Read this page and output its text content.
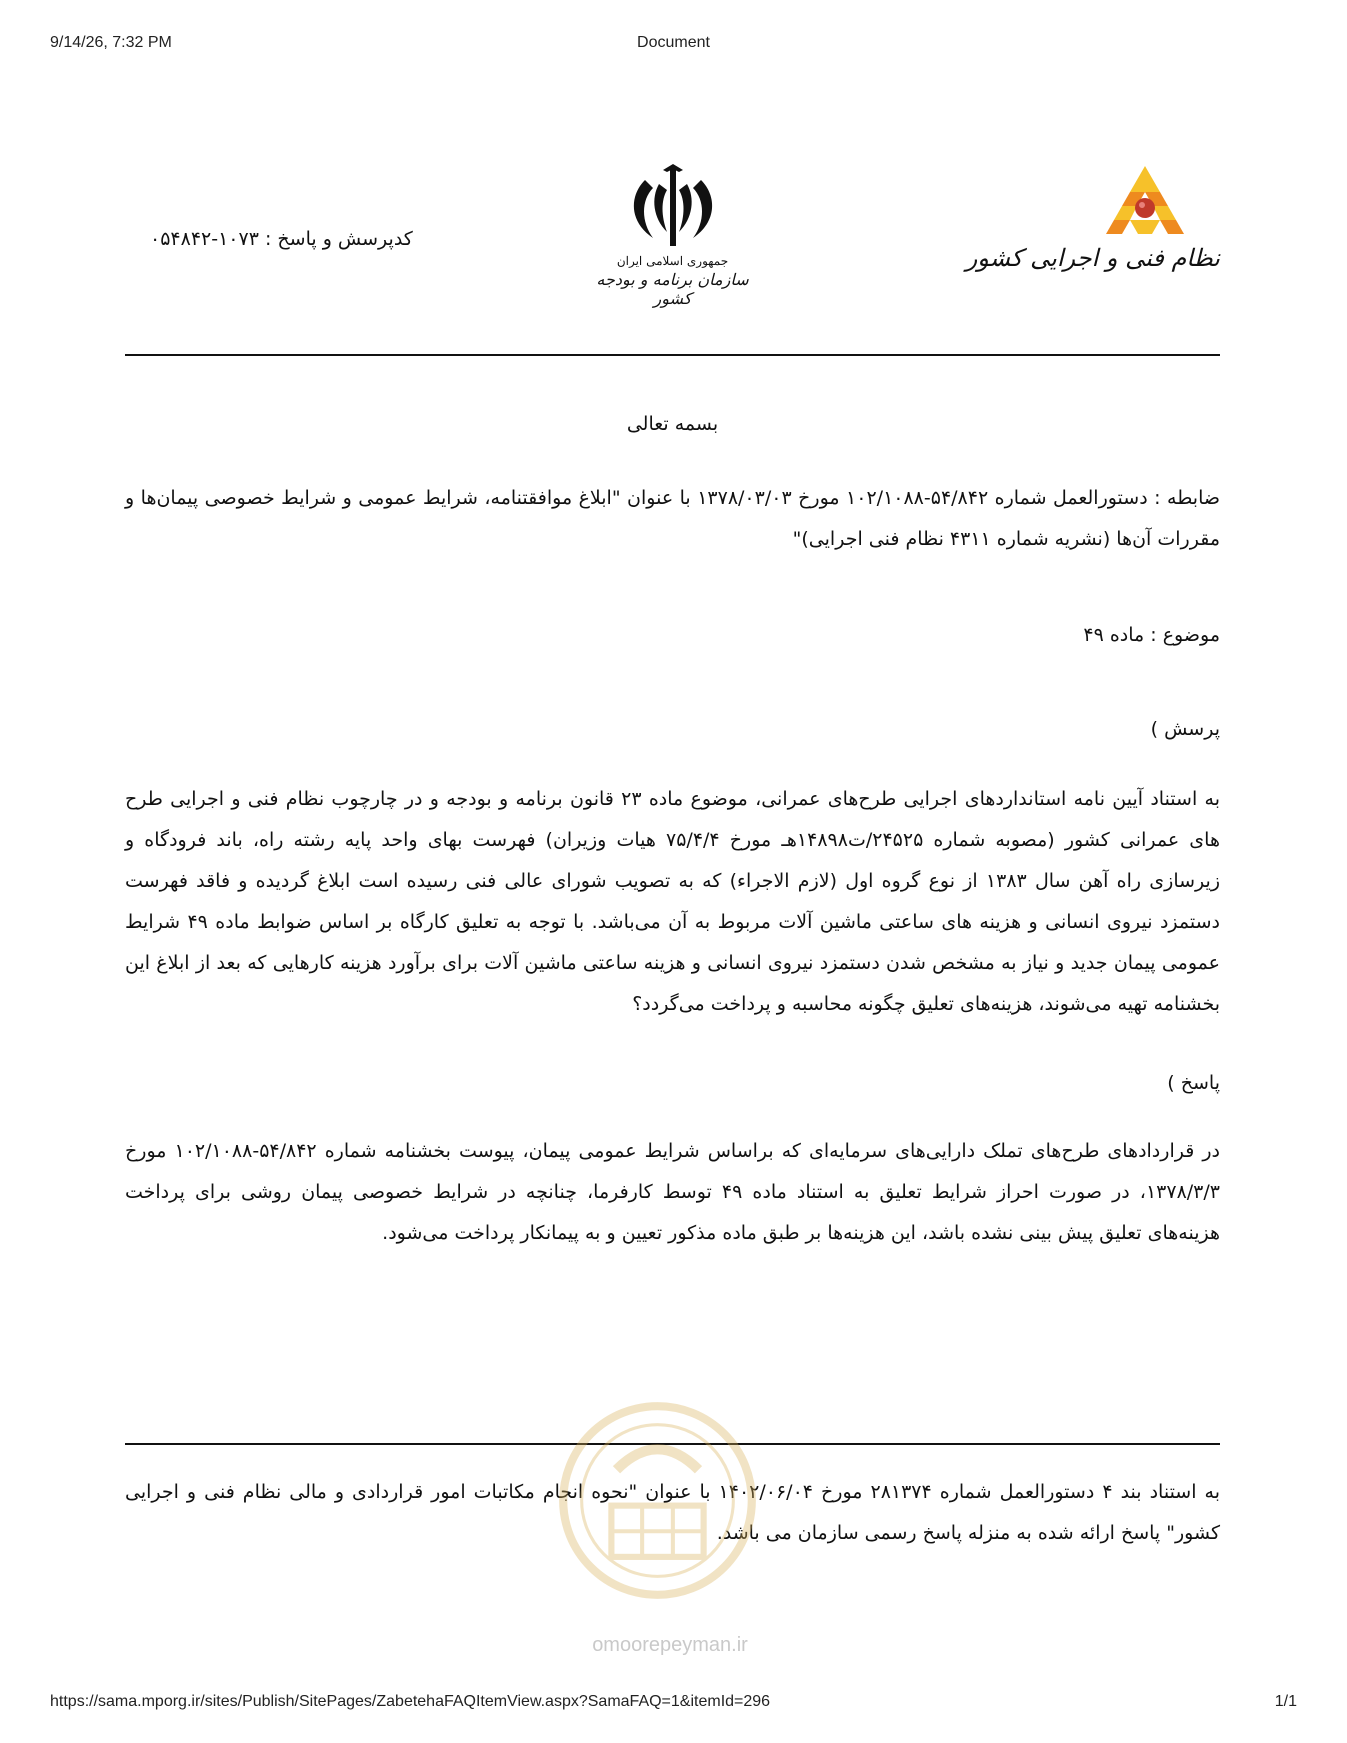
9/14/26, 7:32 PM	Document
کدپرسش و پاسخ : ۱۰۷۳-۰۵۴۸۴۲
جمهوری اسلامی ایران
سازمان برنامه و بودجه کشور
نظام فنی و اجرایی کشور
بسمه تعالی
ضابطه : دستورالعمل شماره ۵۴/۸۴۲-۱۰۲/۱۰۸۸ مورخ ۱۳۷۸/۰۳/۰۳ با عنوان "ابلاغ موافقتنامه، شرایط عمومی و شرایط خصوصی پیمان‌ها و مقررات آن‌ها (نشریه شماره ۴۳۱۱ نظام فنی اجرایی)"
موضوع : ماده ۴۹
پرسش )
به استناد آیین نامه استانداردهای اجرایی طرح‌های عمرانی، موضوع ماده ۲۳ قانون برنامه و بودجه و در چارچوب نظام فنی و اجرایی طرح های عمرانی کشور (مصوبه شماره ۲۴۵۲۵/ت۱۴۸۹۸هـ مورخ ۷۵/۴/۴ هیات وزیران) فهرست بهای واحد پایه رشته راه، باند فرودگاه و زیرسازی راه آهن سال ۱۳۸۳ از نوع گروه اول (لازم الاجراء) که به تصویب شورای عالی فنی رسیده است ابلاغ گردیده و فاقد فهرست دستمزد نیروی انسانی و هزینه های ساعتی ماشین آلات مربوط به آن می‌باشد. با توجه به تعلیق کارگاه بر اساس ضوابط ماده ۴۹ شرایط عمومی پیمان جدید و نیاز به مشخص شدن دستمزد نیروی انسانی و هزینه ساعتی ماشین آلات برای برآورد هزینه کارهایی که بعد از ابلاغ این بخشنامه تهیه می‌شوند، هزینه‌های تعلیق چگونه محاسبه و پرداخت می‌گردد؟
پاسخ )
در قراردادهای طرح‌های تملک دارایی‌های سرمایه‌ای که براساس شرایط عمومی پیمان، پیوست بخشنامه شماره ۵۴/۸۴۲-۱۰۲/۱۰۸۸ مورخ ۱۳۷۸/۳/۳، در صورت احراز شرایط تعلیق به استناد ماده ۴۹ توسط کارفرما، چنانچه در شرایط خصوصی پیمان روشی برای پرداخت هزینه‌های تعلیق پیش بینی نشده باشد، این هزینه‌ها بر طبق ماده مذکور تعیین و به پیمانکار پرداخت می‌شود.
به استناد بند ۴ دستورالعمل شماره ۲۸۱۳۷۴ مورخ ۱۴۰۲/۰۶/۰۴ با عنوان "نحوه انجام مکاتبات امور قراردادی و مالی نظام فنی و اجرایی کشور" پاسخ ارائه شده به منزله پاسخ رسمی سازمان می باشد.
omoorepeyman.ir
https://sama.mporg.ir/sites/Publish/SitePages/ZabetehaFAQItemView.aspx?SamaFAQ=1&itemId=296	1/1
